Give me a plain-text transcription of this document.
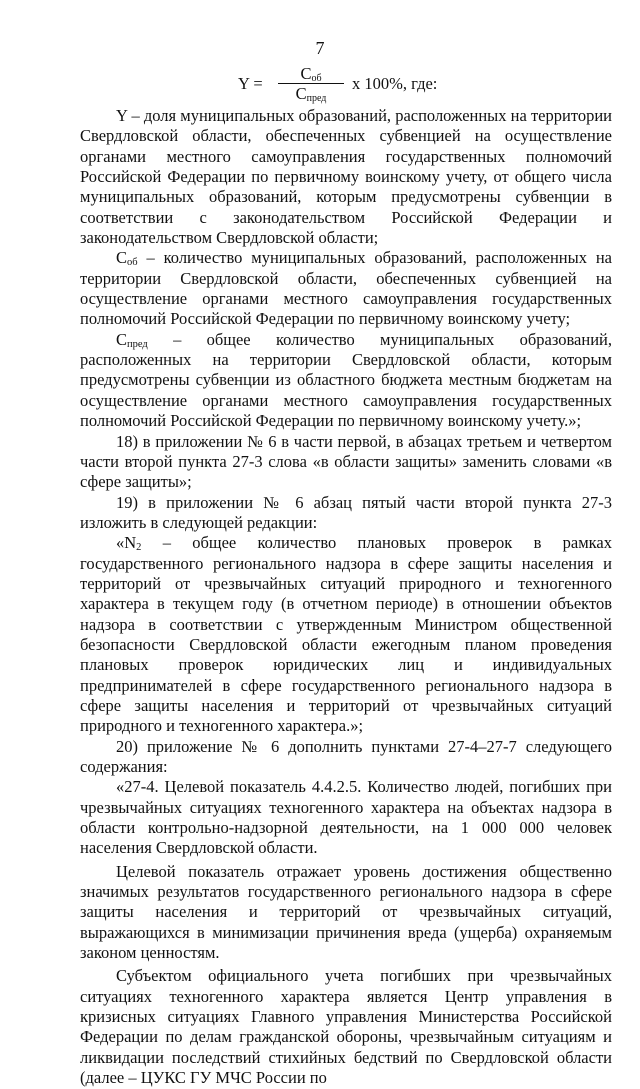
7
Y =
$С_{об}$
$С_{пред}$
х 100%, где:

Y – доля муниципальных образований, расположенных на территории Свердловской области, обеспеченных субвенцией на осуществление органами местного самоуправления государственных полномочий Российской Федерации по первичному воинскому учету, от общего числа муниципальных образований, которым предусмотрены субвенции в соответствии с законодательством Российской Федерации и законодательством Свердловской области;

$С_{об}$ – количество муниципальных образований, расположенных на территории Свердловской области, обеспеченных субвенцией на осуществление органами местного самоуправления государственных полномочий Российской Федерации по первичному воинскому учету;

$С_{пред}$ – общее количество муниципальных образований, расположенных на территории Свердловской области, которым предусмотрены субвенции из областного бюджета местным бюджетам на осуществление органами местного самоуправления государственных полномочий Российской Федерации по первичному воинскому учету.»;

18) в приложении № 6 в части первой, в абзацах третьем и четвертом части второй пункта 27-3 слова «в области защиты» заменить словами «в сфере защиты»;

19) в приложении № 6 абзац пятый части второй пункта 27-3 изложить в следующей редакции:

«$N_2$ – общее количество плановых проверок в рамках государственного регионального надзора в сфере защиты населения и территорий от чрезвычайных ситуаций природного и техногенного характера в текущем году (в отчетном периоде) в отношении объектов надзора в соответствии с утвержденным Министром общественной безопасности Свердловской области ежегодным планом проведения плановых проверок юридических лиц и индивидуальных предпринимателей в сфере государственного регионального надзора в сфере защиты населения и территорий от чрезвычайных ситуаций природного и техногенного характера.»;

20) приложение № 6 дополнить пунктами 27-4–27-7 следующего содержания:

«27-4. Целевой показатель 4.4.2.5. Количество людей, погибших при чрезвычайных ситуациях техногенного характера на объектах надзора в области контрольно-надзорной деятельности, на 1 000 000 человек населения Свердловской области.

Целевой показатель отражает уровень достижения общественно значимых результатов государственного регионального надзора в сфере защиты населения и территорий от чрезвычайных ситуаций, выражающихся в минимизации причинения вреда (ущерба) охраняемым законом ценностям.

Субъектом официального учета погибших при чрезвычайных ситуациях техногенного характера является Центр управления в кризисных ситуациях Главного управления Министерства Российской Федерации по делам гражданской обороны, чрезвычайным ситуациям и ликвидации последствий стихийных бедствий по Свердловской области (далее – ЦУКС ГУ МЧС России по
